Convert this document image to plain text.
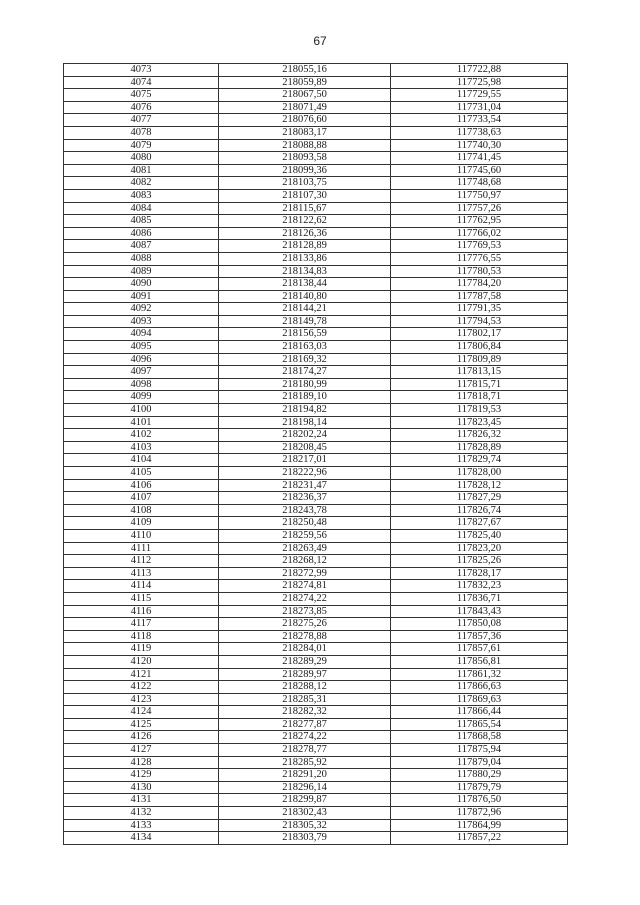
67
4073	218055,16	117722,88
4074	218059,89	117725,98
4075	218067,50	117729,55
4076	218071,49	117731,04
4077	218076,60	117733,54
4078	218083,17	117738,63
4079	218088,88	117740,30
4080	218093,58	117741,45
4081	218099,36	117745,60
4082	218103,75	117748,68
4083	218107,30	117750,97
4084	218115,67	117757,26
4085	218122,62	117762,95
4086	218126,36	117766,02
4087	218128,89	117769,53
4088	218133,86	117776,55
4089	218134,83	117780,53
4090	218138,44	117784,20
4091	218140,80	117787,58
4092	218144,21	117791,35
4093	218149,78	117794,53
4094	218156,59	117802,17
4095	218163,03	117806,84
4096	218169,32	117809,89
4097	218174,27	117813,15
4098	218180,99	117815,71
4099	218189,10	117818,71
4100	218194,82	117819,53
4101	218198,14	117823,45
4102	218202,24	117826,32
4103	218208,45	117828,89
4104	218217,01	117829,74
4105	218222,96	117828,00
4106	218231,47	117828,12
4107	218236,37	117827,29
4108	218243,78	117826,74
4109	218250,48	117827,67
4110	218259,56	117825,40
4111	218263,49	117823,20
4112	218268,12	117825,26
4113	218272,99	117828,17
4114	218274,81	117832,23
4115	218274,22	117836,71
4116	218273,85	117843,43
4117	218275,26	117850,08
4118	218278,88	117857,36
4119	218284,01	117857,61
4120	218289,29	117856,81
4121	218289,97	117861,32
4122	218288,12	117866,63
4123	218285,31	117869,63
4124	218282,32	117866,44
4125	218277,87	117865,54
4126	218274,22	117868,58
4127	218278,77	117875,94
4128	218285,92	117879,04
4129	218291,20	117880,29
4130	218296,14	117879,79
4131	218299,87	117876,50
4132	218302,43	117872,96
4133	218305,32	117864,99
4134	218303,79	117857,22
